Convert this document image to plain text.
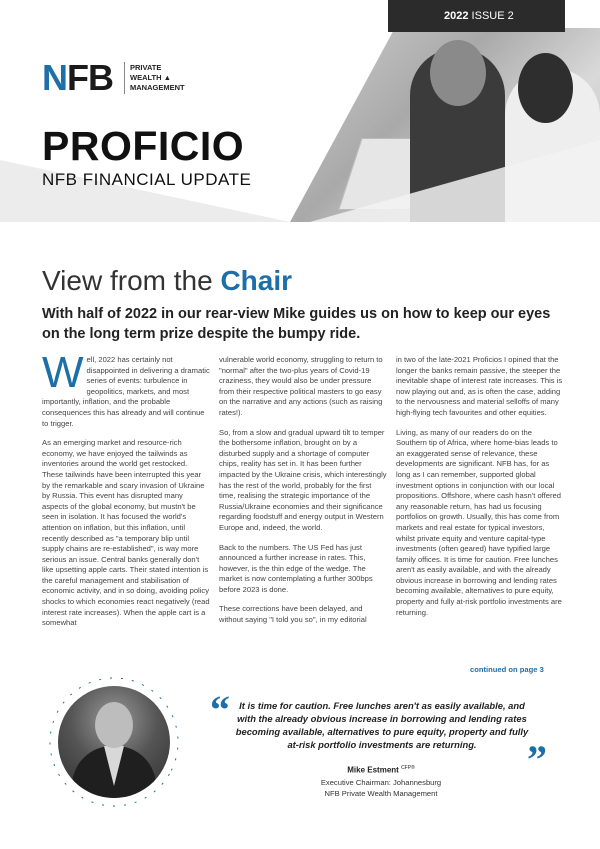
2022 ISSUE 2
NFB PRIVATE
WEALTH ▲
MANAGEMENT
PROFICIO
NFB FINANCIAL UPDATE
View from the Chair
With half of 2022 in our rear-view Mike guides us on how to keep our eyes on the long term prize despite the bumpy ride.

Well, 2022 has certainly not disappointed in delivering a dramatic series of events: turbulence in geopolitics, markets, and most importantly, inflation, and the probable consequences this has already and will continue to trigger.

As an emerging market and resource-rich economy, we have enjoyed the tailwinds as inventories around the world get restocked. These tailwinds have been interrupted this year by the remarkable and scary invasion of Ukraine by Russia. This event has disrupted many aspects of the global economy, but mustn't be seen in isolation. It has focused the world's attention on inflation, but this inflation, until recently described as "a temporary blip until supply chains are re-established", is way more serious an issue. Central banks generally don't like upsetting apple carts. Their stated intention is the careful management and stabilisation of economic activity, and in so doing, avoiding policy shocks to which economies react negatively (read interest rate increases). When the apple cart is a somewhat

vulnerable world economy, struggling to return to "normal" after the two-plus years of Covid-19 craziness, they would also be under pressure from their respective political masters to go easy on the narrative and any actions (such as raising rates!).

So, from a slow and gradual upward tilt to temper the bothersome inflation, brought on by a disturbed supply and a shortage of computer chips, reality has set in. It has been further impacted by the Ukraine crisis, which interestingly has the rest of the world, probably for the first time, realising the strategic importance of the Russia/Ukraine economies and their significance regarding foodstuff and energy output in Western Europe and, indeed, the world.

Back to the numbers. The US Fed has just announced a further increase in rates. This, however, is the thin edge of the wedge. The market is now contemplating a further 300bps before 2023 is done.

These corrections have been delayed, and without saying "I told you so", in my editorial

in two of the late-2021 Proficios I opined that the longer the banks remain passive, the steeper the inevitable shape of interest rate increases. This is now playing out and, as is often the case, adding to the nervousness and material selloffs of many high-flying tech favourites and other equities.

Living, as many of our readers do on the Southern tip of Africa, where home-bias leads to an exaggerated sense of relevance, these developments are significant. NFB has, for as long as I can remember, supported global investment options in conjunction with our local propositions. Offshore, where cash hasn't offered any reasonable return, has had us focusing portfolios on growth. Usually, this has come from markets and real estate for typical investors, whilst private equity and venture capital-type investments (often geared) have typified large family offices. It is time for caution. Free lunches aren't as easily available, and with the already obvious increase in borrowing and lending rates becoming available, alternatives to pure equity, property and fully at-risk portfolio investments are returning.

continued on page 3
“ It is time for caution. Free lunches aren't as easily available, and with the already obvious increase in borrowing and lending rates becoming available, alternatives to pure equity, property and fully at-risk portfolio investments are returning.	”
Mike Estment $^{CFP®}$
Executive Chairman: Johannesburg
NFB Private Wealth Management
